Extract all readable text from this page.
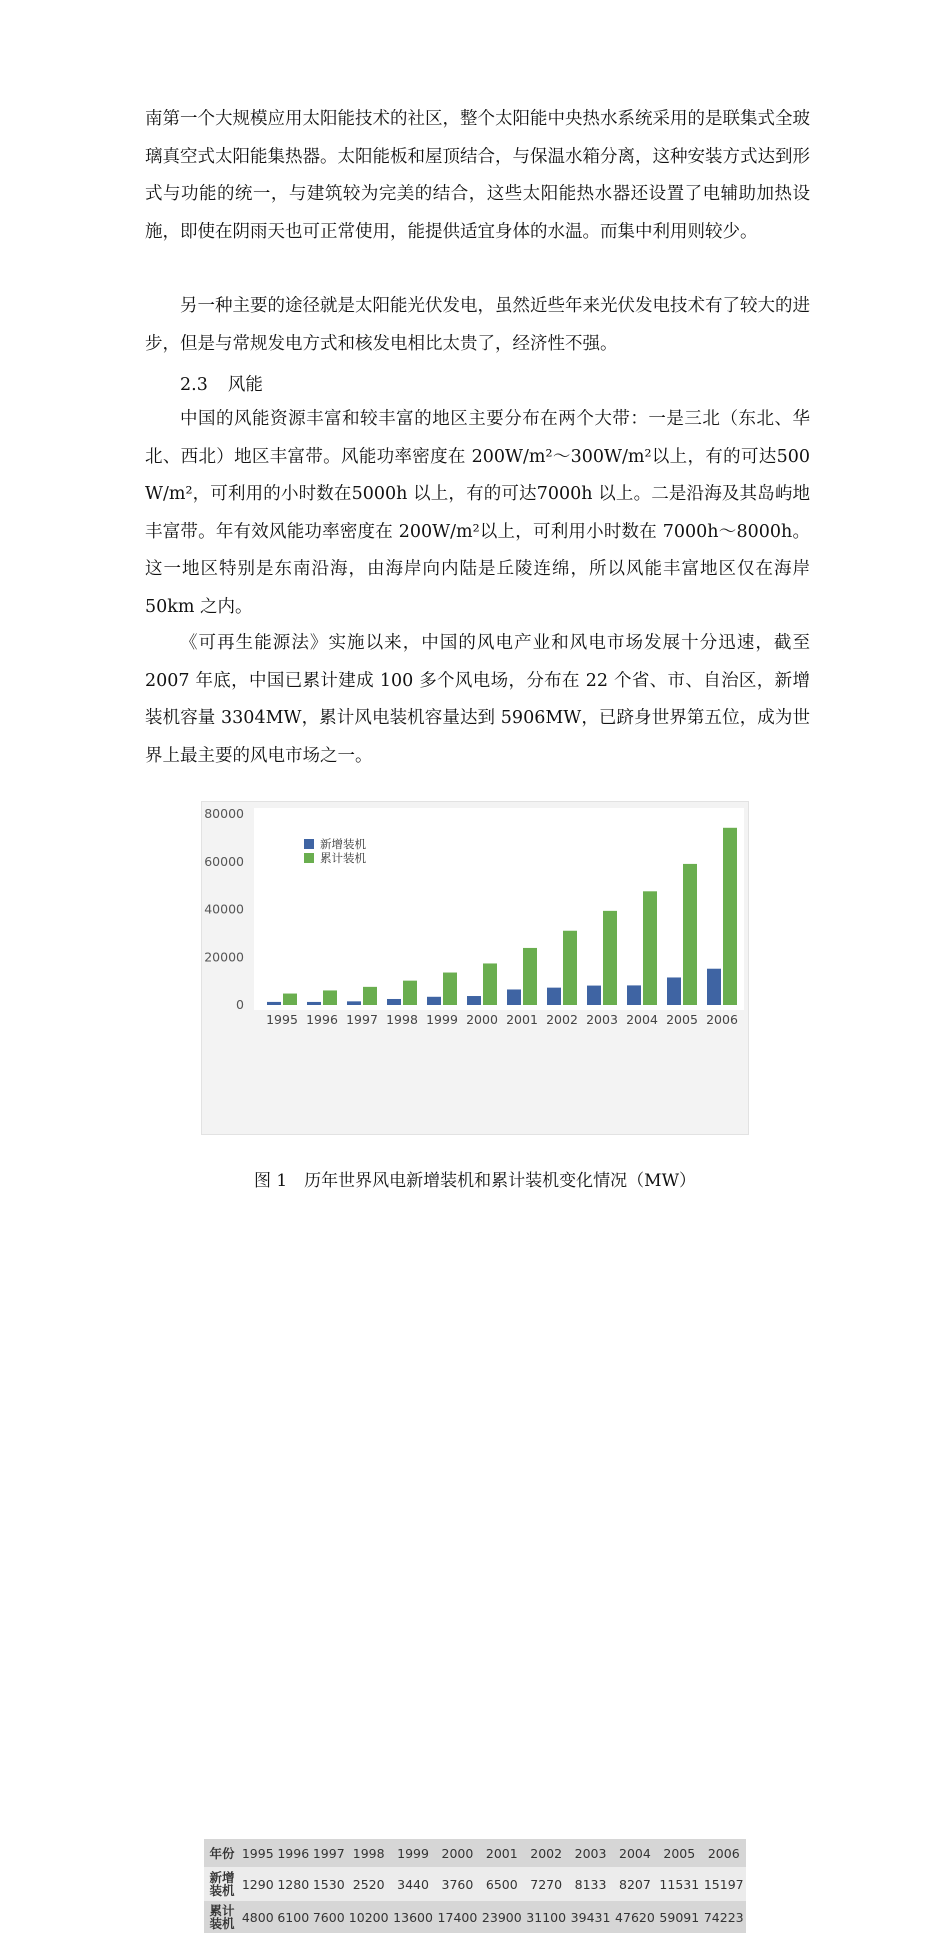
南第一个大规模应用太阳能技术的社区，整个太阳能中央热水系统采用的是联集式全玻璃真空式太阳能集热器。太阳能板和屋顶结合，与保温水箱分离，这种安装方式达到形式与功能的统一，与建筑较为完美的结合，这些太阳能热水器还设置了电辅助加热设施，即使在阴雨天也可正常使用，能提供适宜身体的水温。而集中利用则较少。

另一种主要的途径就是太阳能光伏发电，虽然近些年来光伏发电技术有了较大的进步，但是与常规发电方式和核发电相比太贵了，经济性不强。

2.3 风能

中国的风能资源丰富和较丰富的地区主要分布在两个大带：一是三北（东北、华北、西北）地区丰富带。风能功率密度在 200W/m²～300W/m²以上，有的可达500 W/m²，可利用的小时数在5000h 以上，有的可达7000h 以上。二是沿海及其岛屿地丰富带。年有效风能功率密度在 200W/m²以上，可利用小时数在 7000h～8000h。这一地区特别是东南沿海，由海岸向内陆是丘陵连绵，所以风能丰富地区仅在海岸 50km 之内。

《可再生能源法》实施以来，中国的风电产业和风电市场发展十分迅速，截至 2007 年底，中国已累计建成 100 多个风电场，分布在 22 个省、市、自治区，新增装机容量 3304MW，累计风电装机容量达到 5906MW，已跻身世界第五位，成为世界上最主要的风电市场之一。

80000
60000
40000
20000
0
1995 1996 1997 1998 1999 2000 2001 2002 2003 2004 2005 2006
新增装机
累计装机
年份	1995	1996	1997	1998	1999	2000	2001	2002	2003	2004	2005	2006
新增装机	1290	1280	1530	2520	3440	3760	6500	7270	8133	8207	11531	15197
累计装机	4800	6100	7600	10200	13600	17400	23900	31100	39431	47620	59091	74223

图 1　历年世界风电新增装机和累计装机变化情况（MW）
